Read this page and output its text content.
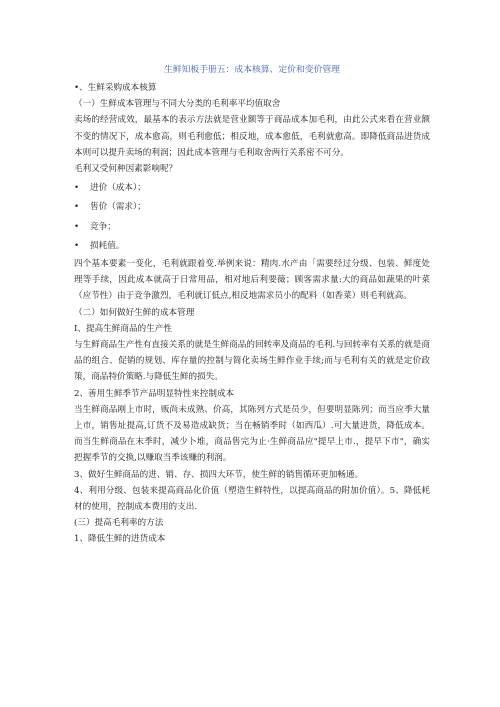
生鲜知板手册五：成本核算、定价和变价管理

•、生鲜采购成本核算

（一）生鲜成本管理与不同大分类的毛利率平均值取舍

卖场的经营成效，最基本的表示方法就是营业额等于商品成本加毛利，由此公式来看在营业额不变的情况下，成本愈高，则毛利愈低；相反地，成本愈低，毛利就愈高。即降低商品进货成本则可以提升卖场的利润；因此成本管理与毛利取舍两行关系密不可分。

毛利又受何种因素影响呢？

• 进价（成本）；

• 售价（需求）；

• 竞争；

• 损耗值。

四个基本要素一变化，毛利就跟着变.举例来说：精肉.水产由「需要经过分级、包装、鲜度处理等手续，因此成本就高于日常用品，相对地后利要薇；顾客需求量:大的商品如蔬果的叶菜（应节性）由于竞争激烈，毛利就订低点,相反地需求员小的配料（如香菜）则毛利就高。

（二）如何做好生鲜的成本管理

I、提高生鲜商品的生产性

与生鲜商品生产性有直接关系的就是生鲜商品的回转率及商品的毛利.与回转率有关系的就是商品的组合、促销的规划、库存量的控制与简化卖场生鲜作业手续;而与毛利有关的就是定价政策，商品特价策略.与降低生鲜的损失。

2、善用生鲜季节产品明显特性来控制成本

当生鲜商品刚上市时，贩尚未成熟、价高，其陈列方式是员少，但要明显陈列；而当应季大量上市，销售址提高,订货不及易造成缺货；当在畅销季时（如西瓜）.可大量进货，降低成本。而当生鲜商品在末季时，减少卜堆，商品售完为止·生鲜商品应"提早上市.，提早下市"，确实把握季节的交换,以赚取当季该赚的利润。

3、做好生鲜商品的进、销、存、损四大环节，使生鲜的销售循环更加畅通。

4、利用分级、包装来提高商品化价值（塑造生鲜特性，以提高商品的附加价值）。5、降低耗材的使用，控制成本费用的支出.

(三）提高毛利率的方法

1、降低生鲜的进货成本
